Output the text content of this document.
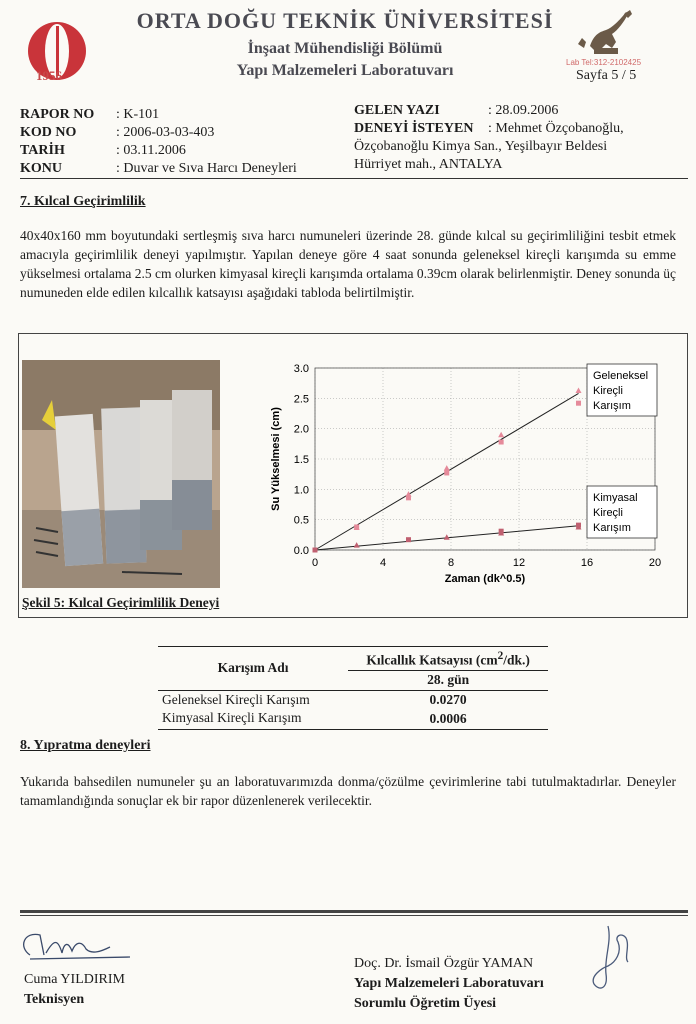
1956
ORTA DOĞU TEKNİK ÜNİVERSİTESİ
İnşaat Mühendisliği Bölümü
Yapı Malzemeleri Laboratuvarı	Lab Tel:312-2102425
Sayfa 5 / 5
RAPOR NO : K-101
KOD NO	: 2006-03-03-403
TARİH	: 03.11.2006
KONU	: Duvar ve Sıva Harcı Deneyleri
GELEN YAZI	: 28.09.2006
DENEYİ İSTEYEN : Mehmet Özçobanoğlu,
Özçobanoğlu Kimya San., Yeşilbayır Beldesi
Hürriyet mah., ANTALYA
7. Kılcal Geçirimlilik
40x40x160 mm boyutundaki sertleşmiş sıva harcı numuneleri üzerinde 28. günde kılcal su geçirimliliğini tesbit etmek amacıyla geçirimlilik deneyi yapılmıştır. Yapılan deneye göre 4 saat sonunda geleneksel kireçli karışımda su emme yükselmesi ortalama 2.5 cm olurken kimyasal kireçli karışımda ortalama 0.39cm olarak belirlenmiştir. Deney sonunda üç numuneden elde edilen kılcallık katsayısı aşağıdaki tabloda belirtilmiştir.
Şekil 5: Kılcal Geçirimlilik Deneyi
0	4	8	12	16	20
0.0
0.5
1.0
1.5
2.0
2.5
3.0
Zaman (dk^0.5)
Su Yükselmesi (cm)
Geleneksel
Kireçli
Karışım
Kimyasal
Kireçli
Karışım
Karışım Adı	Kılcallık Katsayısı $(cm^2/dk.)$
	28. gün
Geleneksel Kireçli Karışım	0.0270
Kimyasal Kireçli Karışım	0.0006
8. Yıpratma deneyleri
Yukarıda bahsedilen numuneler şu an laboratuvarımızda donma/çözülme çevirimlerine tabi tutulmaktadırlar. Deneyler tamamlandığında sonuçlar ek bir rapor düzenlenerek verilecektir.
Cuma YILDIRIM
Teknisyen
Doç. Dr. İsmail Özgür YAMAN
Yapı Malzemeleri Laboratuvarı
Sorumlu Öğretim Üyesi
